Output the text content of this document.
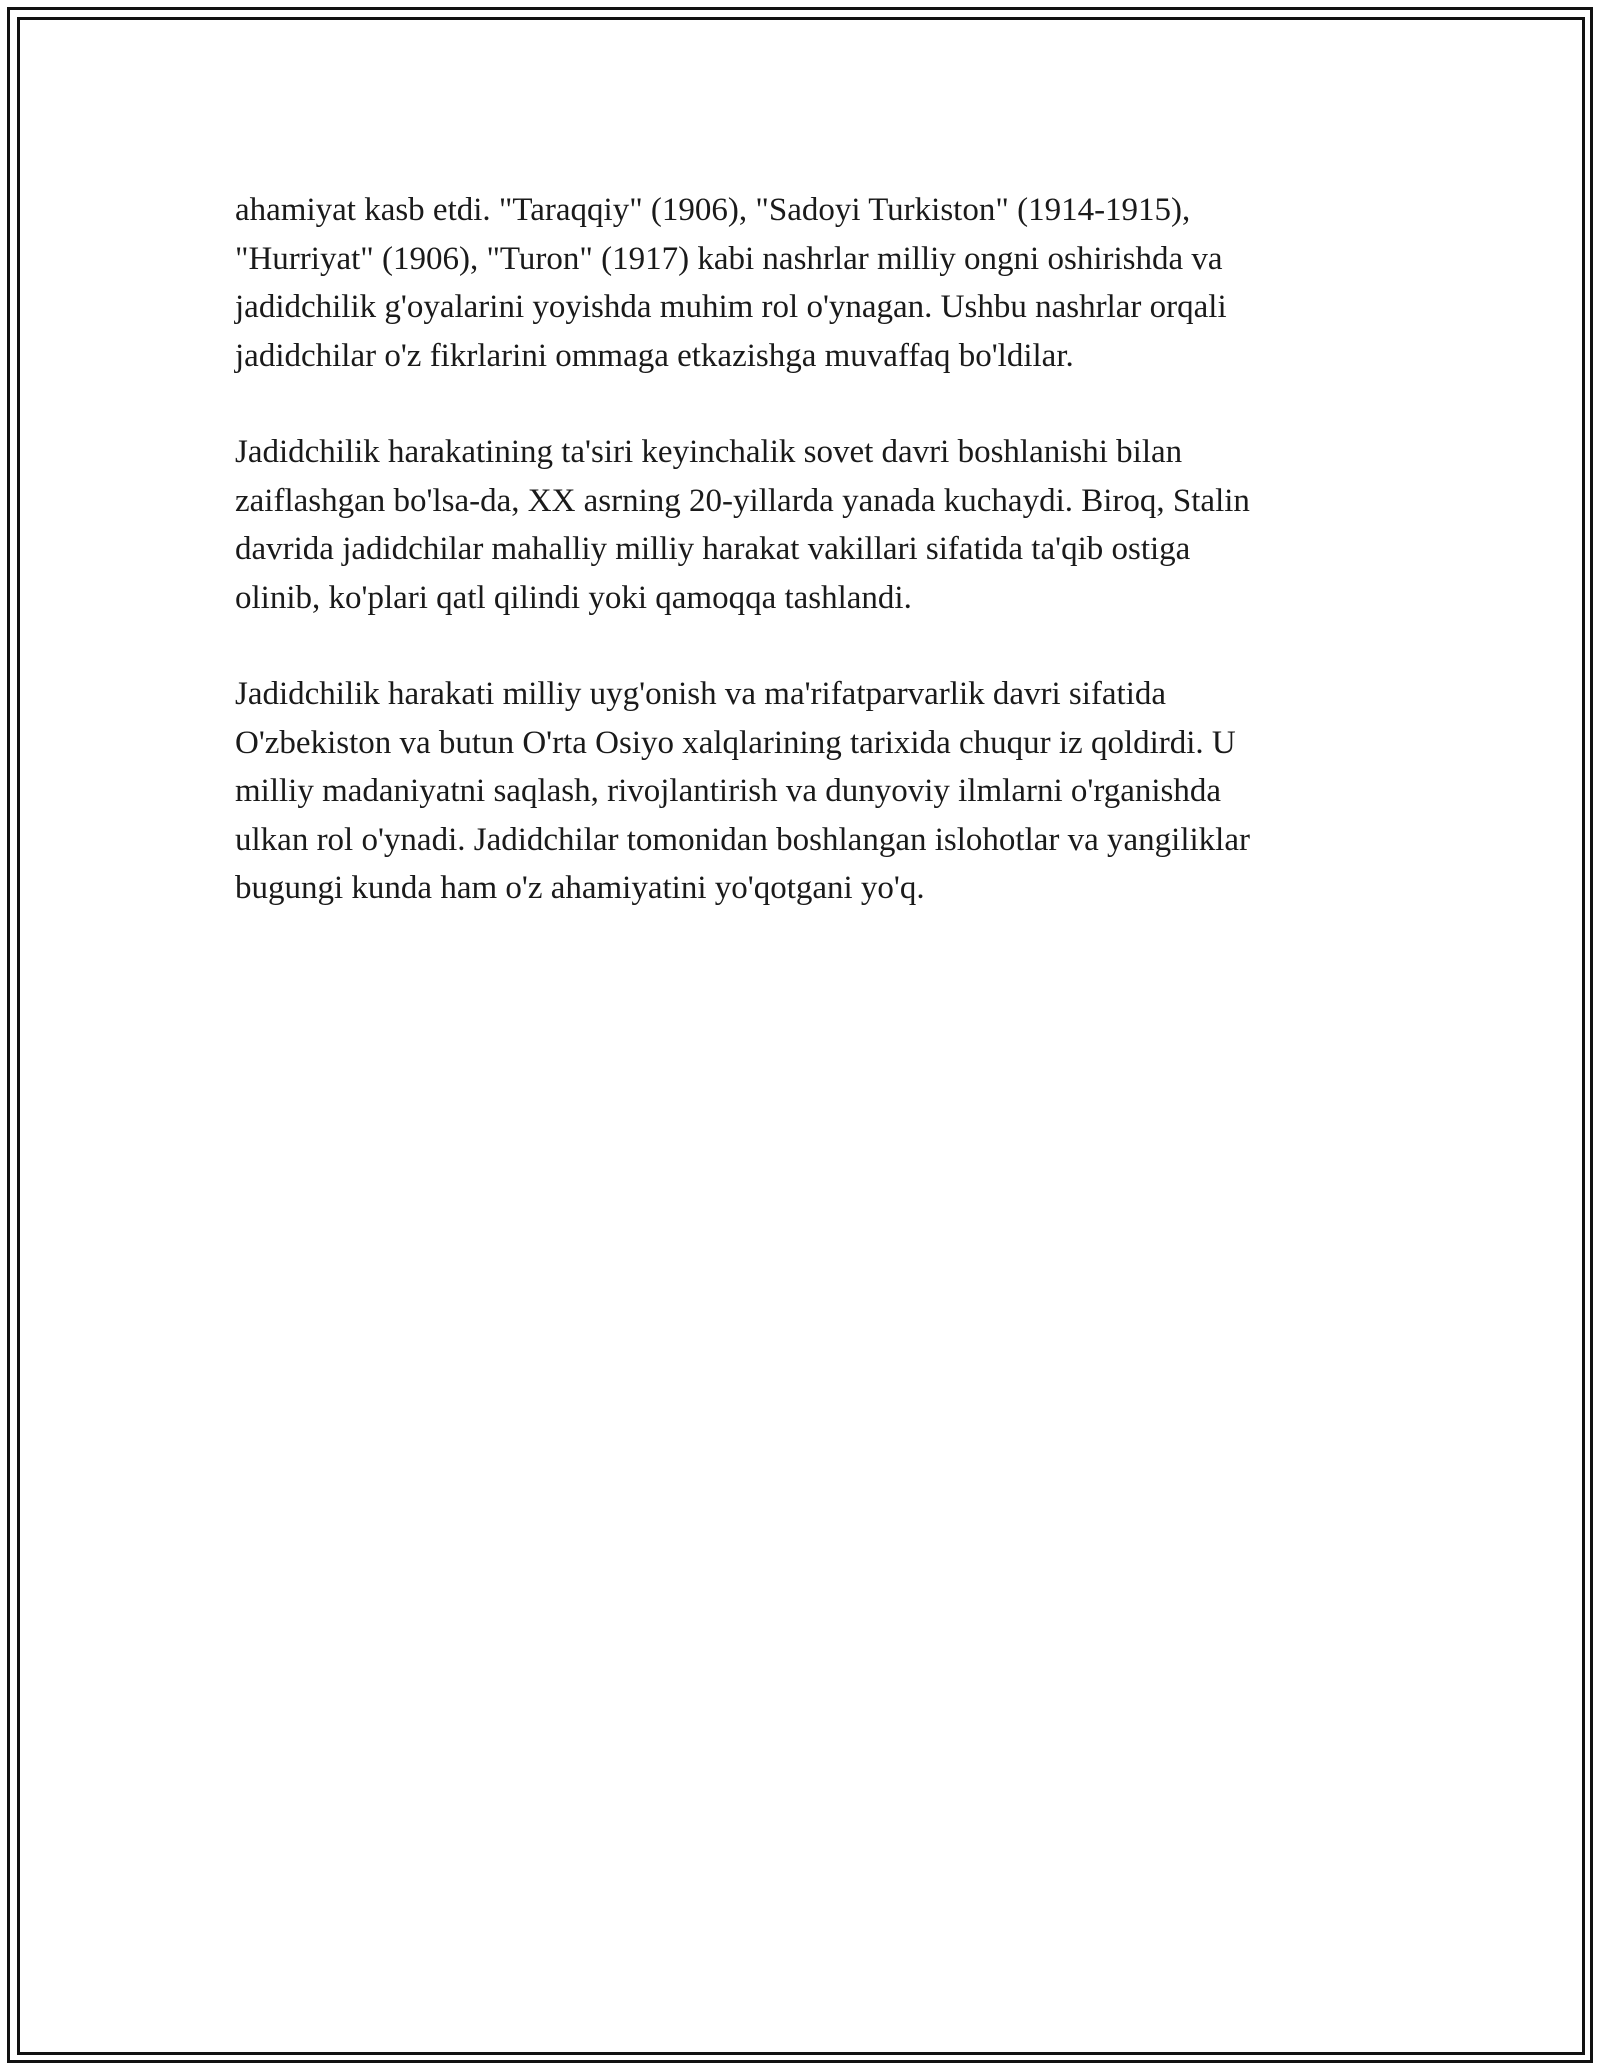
ahamiyat kasb etdi. "Taraqqiy" (1906), "Sadoyi Turkiston" (1914-1915),
"Hurriyat" (1906), "Turon" (1917) kabi nashrlar milliy ongni oshirishda va
jadidchilik g'oyalarini yoyishda muhim rol o'ynagan. Ushbu nashrlar orqali
jadidchilar o'z fikrlarini ommaga etkazishga muvaffaq bo'ldilar.

Jadidchilik harakatining ta'siri keyinchalik sovet davri boshlanishi bilan
zaiflashgan bo'lsa-da, XX asrning 20-yillarda yanada kuchaydi. Biroq, Stalin
davrida jadidchilar mahalliy milliy harakat vakillari sifatida ta'qib ostiga
olinib, ko'plari qatl qilindi yoki qamoqqa tashlandi.

Jadidchilik harakati milliy uyg'onish va ma'rifatparvarlik davri sifatida
O'zbekiston va butun O'rta Osiyo xalqlarining tarixida chuqur iz qoldirdi. U
milliy madaniyatni saqlash, rivojlantirish va dunyoviy ilmlarni o'rganishda
ulkan rol o'ynadi. Jadidchilar tomonidan boshlangan islohotlar va yangiliklar
bugungi kunda ham o'z ahamiyatini yo'qotgani yo'q.
